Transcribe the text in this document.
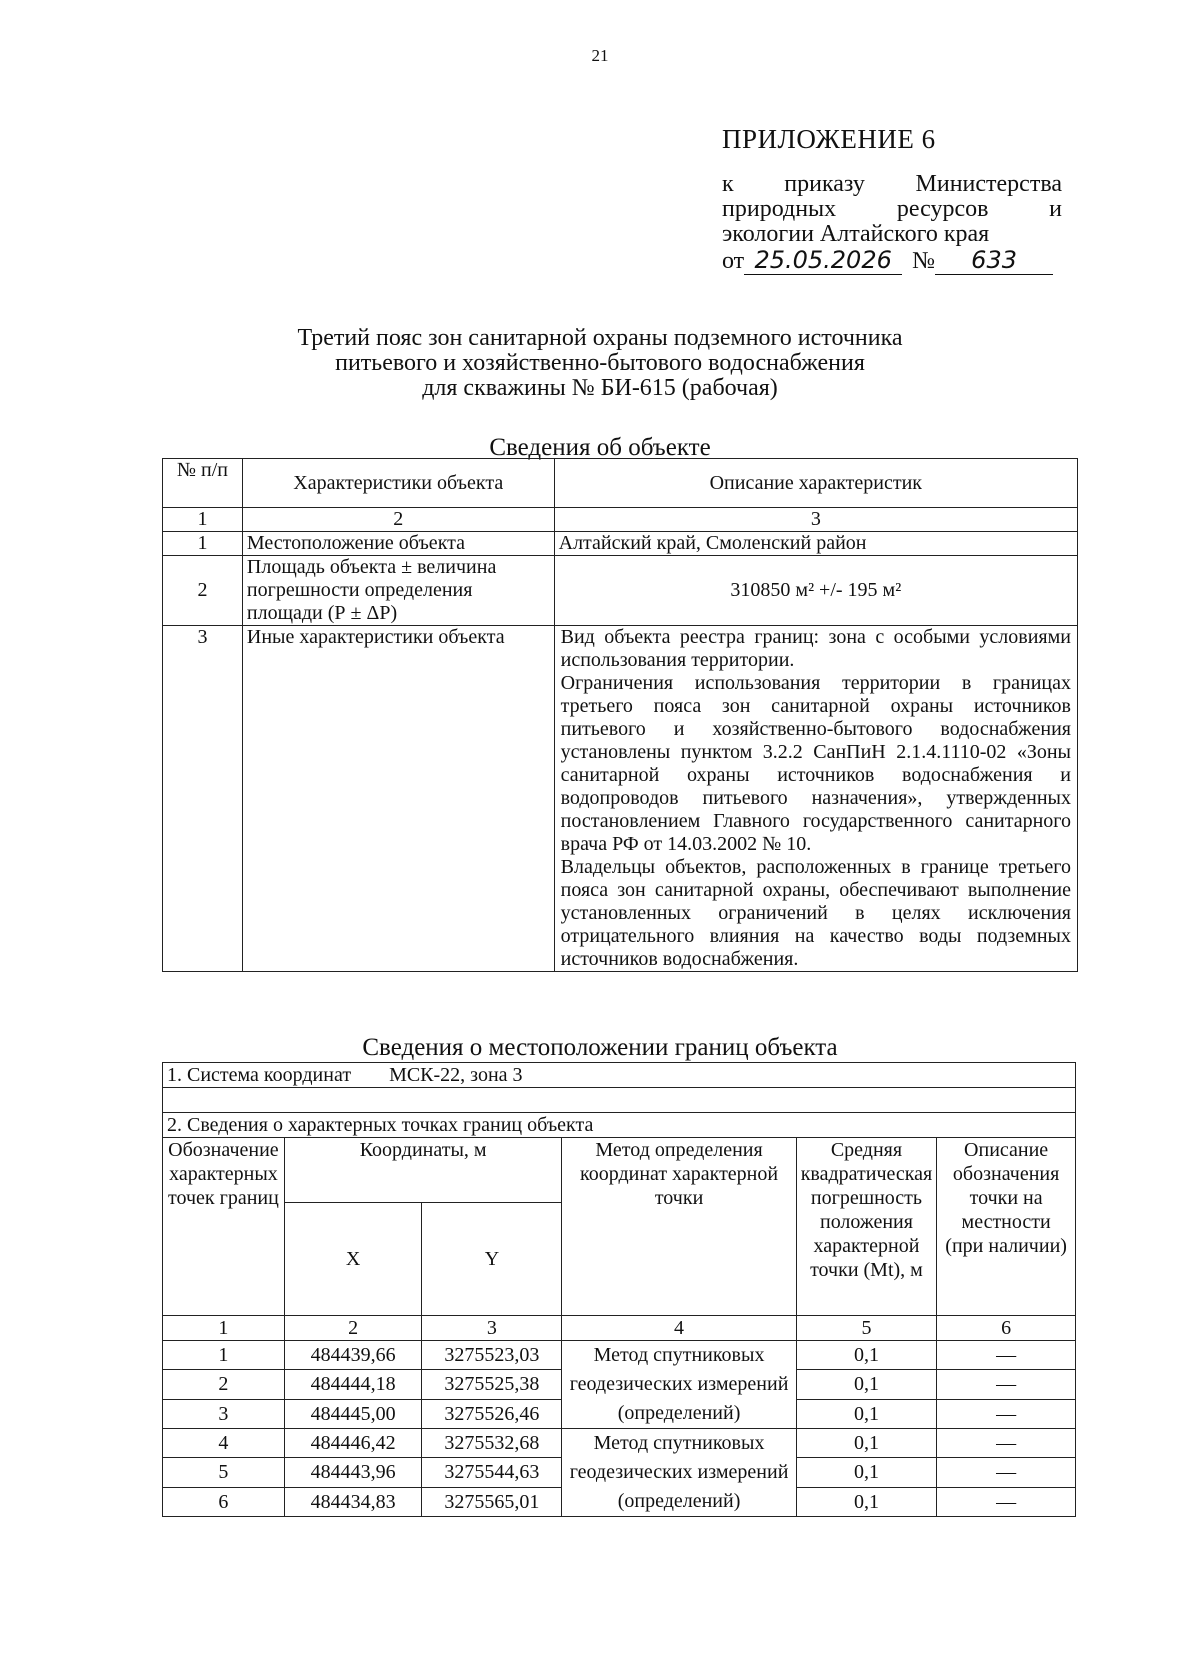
21
ПРИЛОЖЕНИЕ 6
к приказу Министерства
природных	ресурсов	и
экологии Алтайского края
от 25.05.2026 №	633
Третий пояс зон санитарной охраны подземного источника
питьевого и хозяйственно-бытового водоснабжения
для скважины № БИ-615 (рабочая)
Сведения об объекте
№ п/п	Характеристики объекта	Описание характеристик
1	2	3
1	Местоположение объекта	Алтайский край, Смоленский район
2	Площадь объекта ± величина погрешности определения площади (Р ± ΔР)	310850 м² +/- 195 м²
3	Иные характеристики объекта	Вид объекта реестра границ: зона с особыми условиями использования территории.
Ограничения использования территории в границах третьего пояса зон санитарной охраны источников питьевого и хозяйственно-бытового водоснабжения установлены пунктом 3.2.2 СанПиН 2.1.4.1110-02 «Зоны санитарной охраны источников водоснабжения и водопроводов питьевого назначения», утвержденных постановлением Главного государственного санитарного врача РФ от 14.03.2002 № 10.
Владельцы объектов, расположенных в границе третьего пояса зон санитарной охраны, обеспечивают выполнение установленных ограничений в целях исключения отрицательного влияния на качество воды подземных источников водоснабжения.
Сведения о местоположении границ объекта
1. Система координат МСК-22, зона 3					

2. Сведения о характерных точках границ объекта					
Обозначение характерных точек границ	Координаты, м		Метод определения координат характерной точки	Средняя квадратическая погрешность положения характерной точки (Mt), м	Описание обозначения точки на местности (при наличии)
	X	Y			
1	2	3	4	5	6
1	484439,66	3275523,03	Метод спутниковых геодезических измерений (определений)	0,1	—
2	484444,18	3275525,38		0,1	—
3	484445,00	3275526,46		0,1	—
4	484446,42	3275532,68	Метод спутниковых геодезических измерений (определений)	0,1	—
5	484443,96	3275544,63		0,1	—
6	484434,83	3275565,01		0,1	—
